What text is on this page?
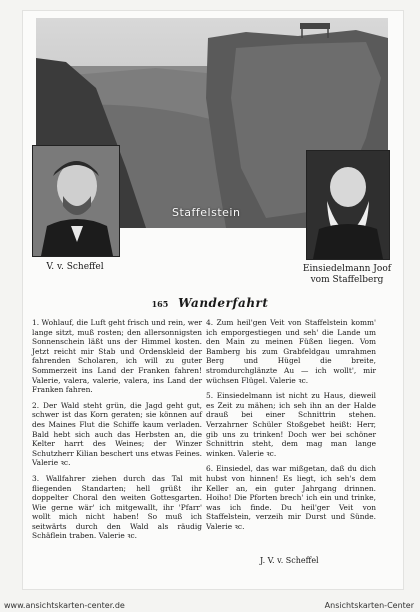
Staffelstein
V. v. Scheffel	Einsiedelmann Joof
vom Staffelberg
165 Wanderfahrt
1. Wohlauf, die Luft geht frisch und rein, wer lange sitzt, muß rosten; den allersonnigsten Sonnenschein läßt uns der Himmel kosten. Jetzt reicht mir Stab und Ordenskleid der fahrenden Scholaren, ich will zu guter Sommerzeit ins Land der Franken fahren! Valerie, valera, valerie, valera, ins Land der Franken fahren.
2. Der Wald steht grün, die Jagd geht gut, schwer ist das Korn geraten; sie können auf des Maines Flut die Schiffe kaum verladen. Bald hebt sich auch das Herbsten an, die Kelter harrt des Weines; der Winzer Schutzherr Kilian beschert uns etwas Feines. Valerie ꝛc.
3. Wallfahrer ziehen durch das Tal mit fliegenden Standarten; hell grüßt ihr doppelter Choral den weiten Gottesgarten. Wie gerne wär' ich mitgewallt, ihr 'Pfarr' wollt mich nicht haben! So muß ich seitwärts durch den Wald als räudig Schäflein traben. Valerie ꝛc.
4. Zum heil'gen Veit von Staffelstein komm' ich emporgestiegen und seh' die Lande um den Main zu meinen Füßen liegen. Vom Bamberg bis zum Grabfeldgau umrahmen Berg und Hügel die breite, stromdurchglänzte Au — ich wollt', mir wüchsen Flügel. Valerie ꝛc.
5. Einsiedelmann ist nicht zu Haus, dieweil es Zeit zu mähen; ich seh ihn an der Halde drauß bei einer Schnittrin stehen. Verzahrner Schüler Stoßgebet heißt: Herr, gib uns zu trinken! Doch wer bei schöner Schnittrin steht, dem mag man lange winken. Valerie ꝛc.
6. Einsiedel, das war mißgetan, daß du dich hubst von hinnen! Es liegt, ich seh's dem Keller an, ein guter Jahrgang drinnen. Hoiho! Die Pforten brech' ich ein und trinke, was ich finde. Du heil'ger Veit von Staffelstein, verzeih mir Durst und Sünde. Valerie ꝛc.
J. V. v. Scheffel
www.ansichtskarten-center.de	Ansichtskarten-Center
